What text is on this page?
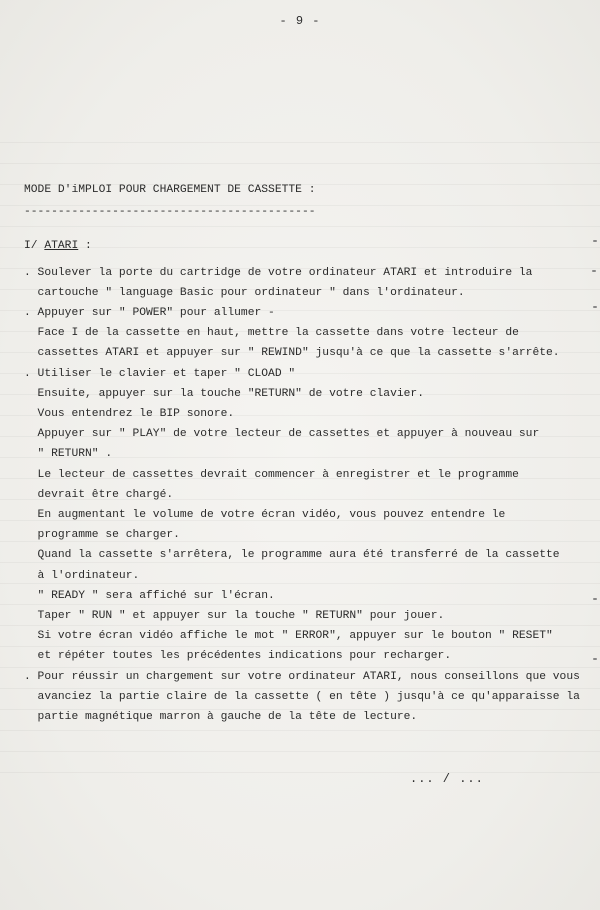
- 9 -
MODE D'iMPLOI POUR CHARGEMENT DE CASSETTE :
-------------------------------------------
I/ ATARI :
. Soulever la porte du cartridge de votre ordinateur ATARI et introduire la
cartouche " language Basic pour ordinateur " dans l'ordinateur.
. Appuyer sur " POWER" pour allumer -
Face I de la cassette en haut, mettre la cassette dans votre lecteur de
cassettes ATARI et appuyer sur " REWIND" jusqu'à ce que la cassette s'arrête.
. Utiliser le clavier et taper " CLOAD "
Ensuite, appuyer sur la touche "RETURN" de votre clavier.
Vous entendrez le BIP sonore.
Appuyer sur " PLAY" de votre lecteur de cassettes et appuyer à nouveau sur
" RETURN" .
Le lecteur de cassettes devrait commencer à enregistrer et le programme
devrait être chargé.
En augmentant le volume de votre écran vidéo, vous pouvez entendre le
programme se charger.
Quand la cassette s'arrêtera, le programme aura été transferré de la cassette
à l'ordinateur.
" READY " sera affiché sur l'écran.
Taper " RUN " et appuyer sur la touche " RETURN" pour jouer.
Si votre écran vidéo affiche le mot " ERROR", appuyer sur le bouton " RESET"
et répéter toutes les précédentes indications pour recharger.
. Pour réussir un chargement sur votre ordinateur ATARI, nous conseillons que vous
avanciez la partie claire de la cassette ( en tête ) jusqu'à ce qu'apparaisse la
partie magnétique marron à gauche de la tête de lecture.
... / ...
